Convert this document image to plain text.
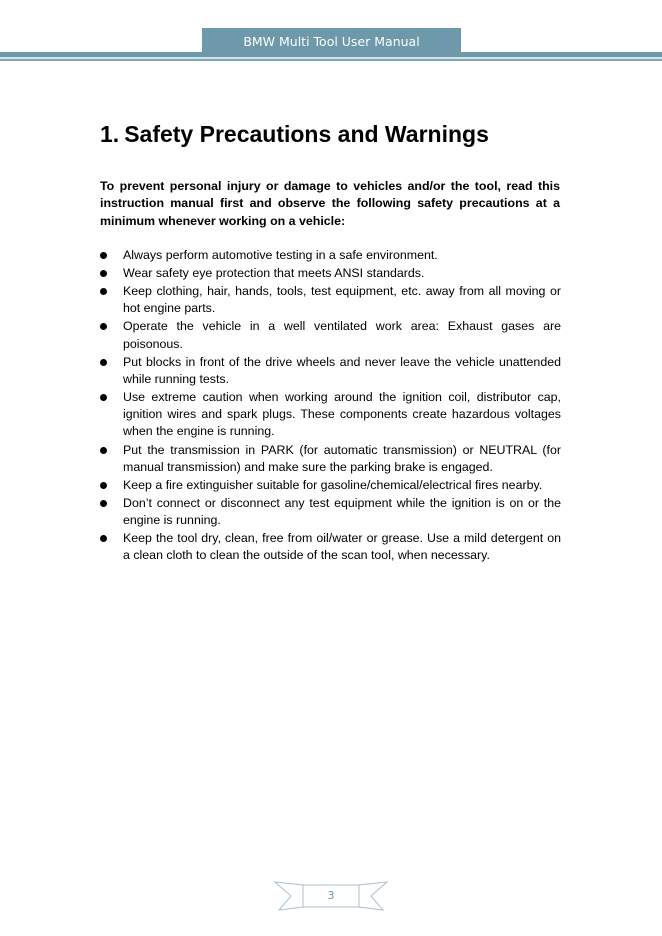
BMW Multi Tool User Manual
1. Safety Precautions and Warnings

To prevent personal injury or damage to vehicles and/or the tool, read this instruction manual first and observe the following safety precautions at a minimum whenever working on a vehicle:

Always perform automotive testing in a safe environment.
Wear safety eye protection that meets ANSI standards.
Keep clothing, hair, hands, tools, test equipment, etc. away from all moving or hot engine parts.
Operate the vehicle in a well ventilated work area: Exhaust gases are poisonous.
Put blocks in front of the drive wheels and never leave the vehicle unattended while running tests.
Use extreme caution when working around the ignition coil, distributor cap, ignition wires and spark plugs. These components create hazardous voltages when the engine is running.
Put the transmission in PARK (for automatic transmission) or NEUTRAL (for manual transmission) and make sure the parking brake is engaged.
Keep a fire extinguisher suitable for gasoline/chemical/electrical fires nearby.
Don’t connect or disconnect any test equipment while the ignition is on or the engine is running.
Keep the tool dry, clean, free from oil/water or grease. Use a mild detergent on a clean cloth to clean the outside of the scan tool, when necessary.
3
